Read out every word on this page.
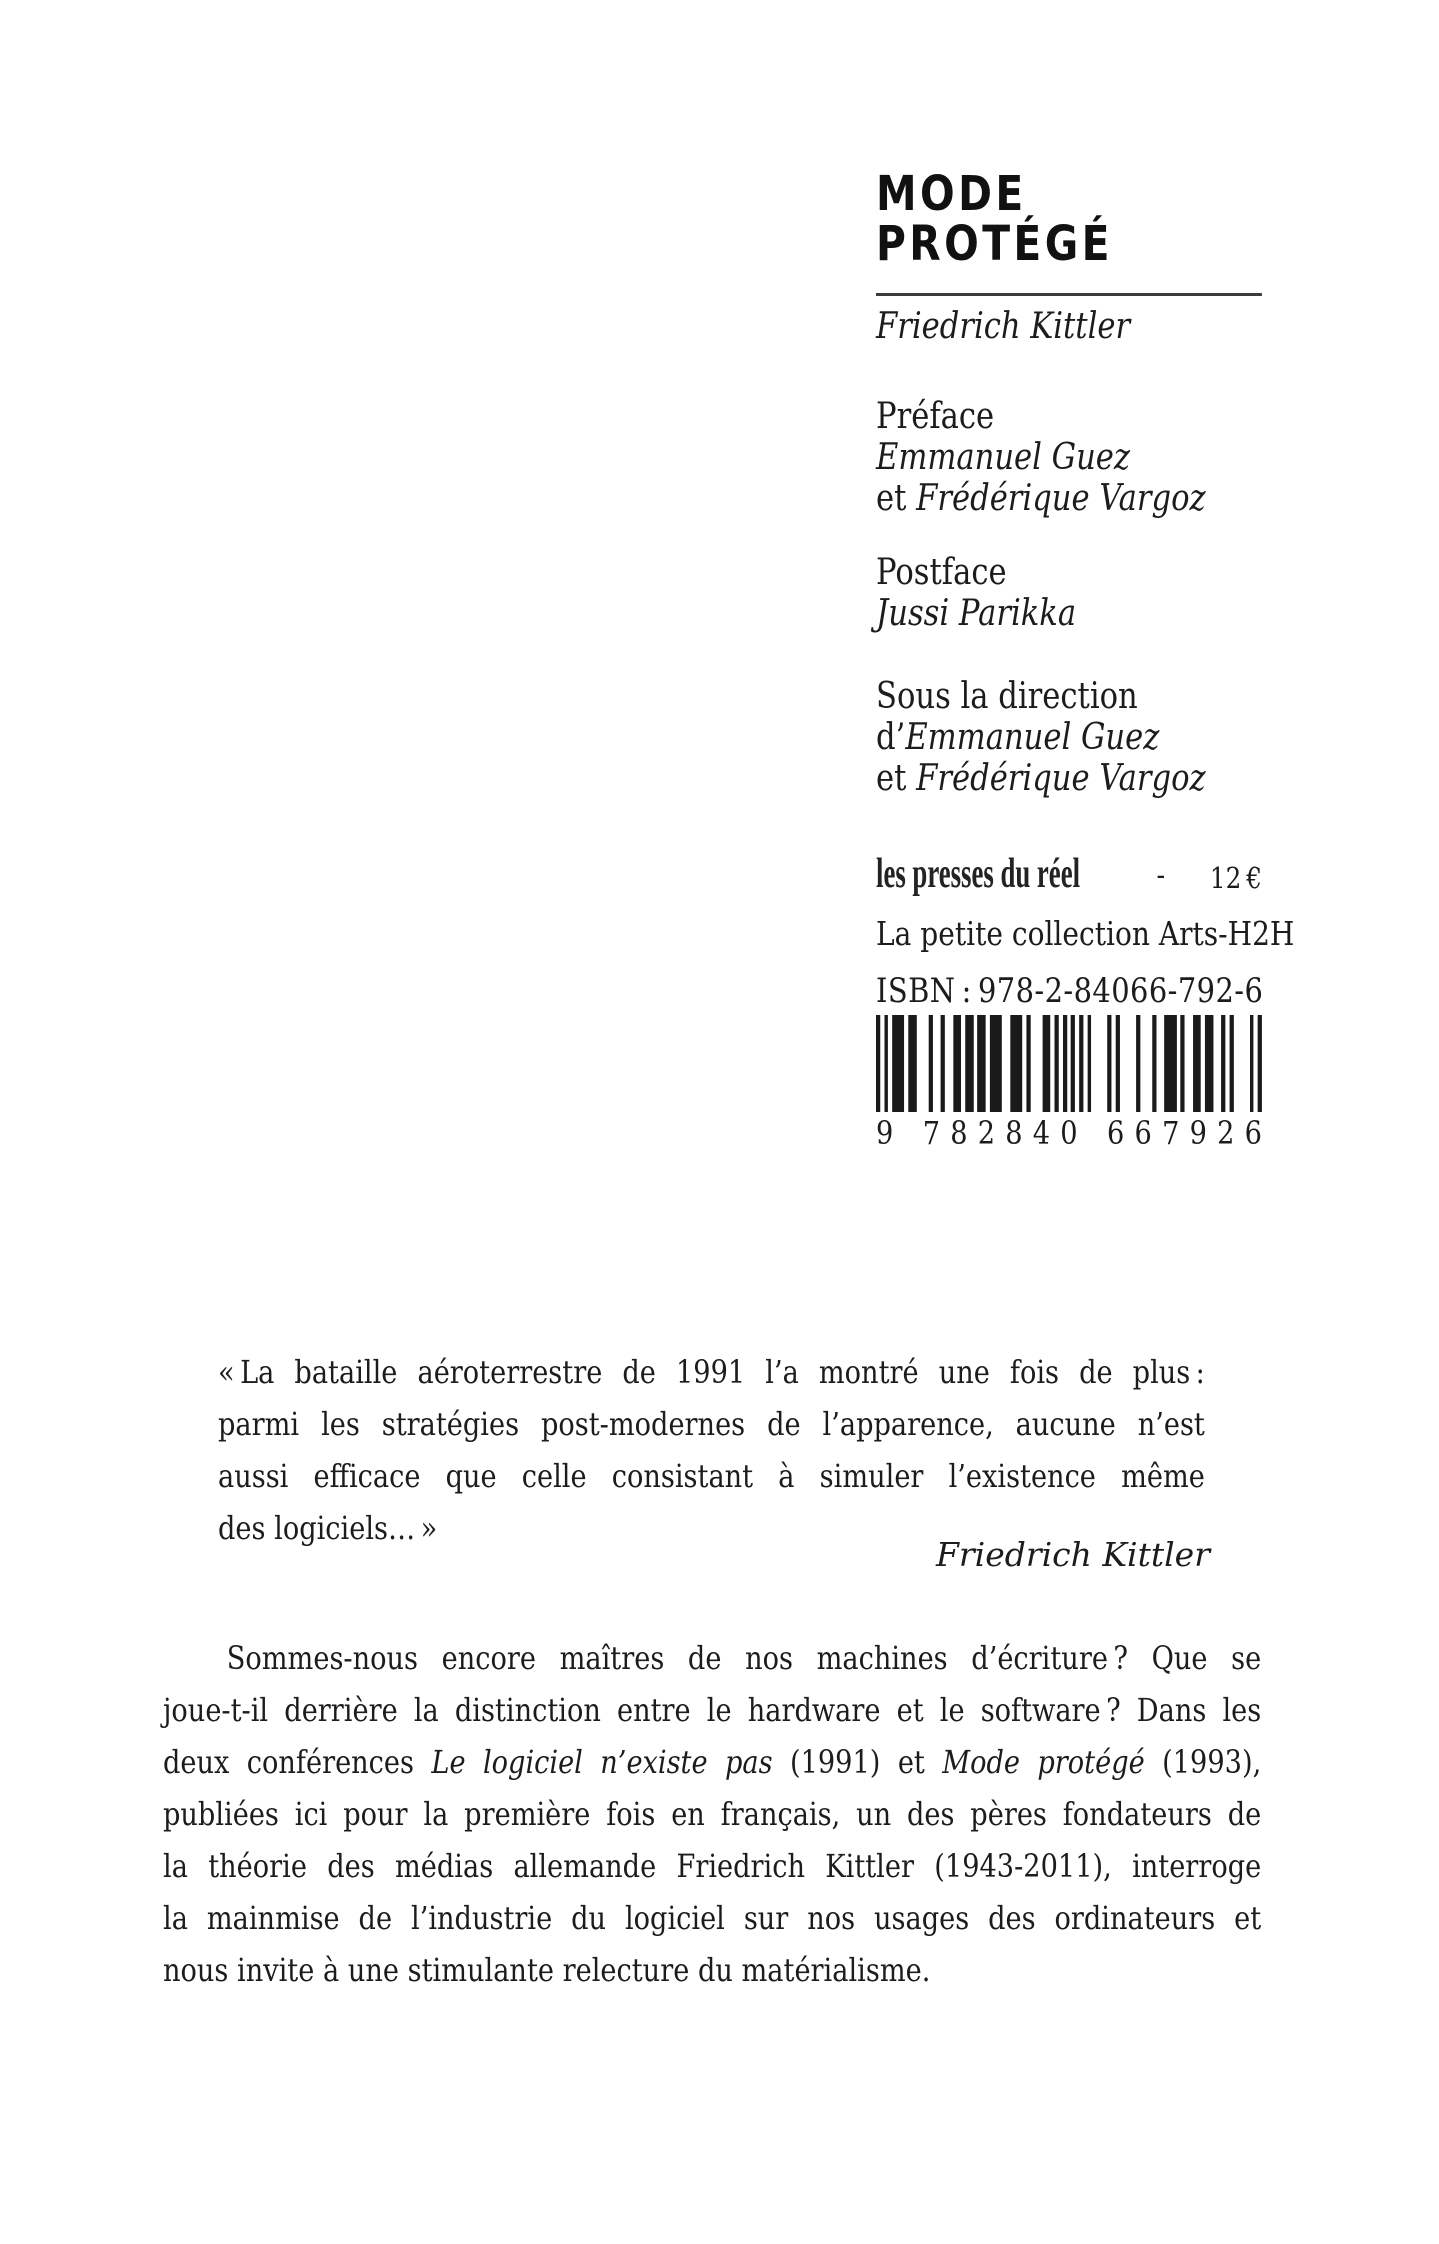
MODE
PROTÉGÉ
Friedrich Kittler
Préface
Emmanuel Guez
et Frédérique Vargoz
Postface
Jussi Parikka
Sous la direction
d’Emmanuel Guez
et Frédérique Vargoz
les presses du réel	- 12 €
La petite collection Arts-H2H
ISBN : 978-2-84066-792-6
9 782840 667926
« La bataille aéroterrestre de 1991 l’a montré une fois de plus :
parmi les stratégies post-modernes de l’apparence, aucune n’est
aussi efficace que celle consistant à simuler l’existence même
des logiciels… »
Friedrich Kittler
Sommes-nous encore maîtres de nos machines d’écriture ? Que se
joue-t-il derrière la distinction entre le hardware et le software ? Dans les
deux conférences Le logiciel n’existe pas (1991) et Mode protégé (1993),
publiées ici pour la première fois en français, un des pères fondateurs de
la théorie des médias allemande Friedrich Kittler (1943-2011), interroge
la mainmise de l’industrie du logiciel sur nos usages des ordinateurs et
nous invite à une stimulante relecture du matérialisme.
